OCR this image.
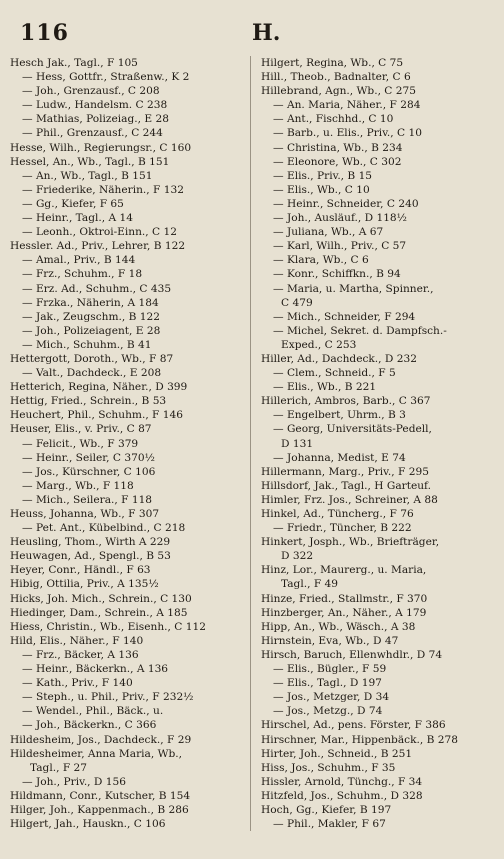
116	H.
Hesch Jak., Tagl., F 105
— Hess, Gottfr., Straßenw., K 2
— Joh., Grenzausf., C 208
— Ludw., Handelsm. C 238
— Mathias, Polizeiag., E 28
— Phil., Grenzausf., C 244
Hesse, Wilh., Regierungsr., C 160
Hessel, An., Wb., Tagl., B 151
— An., Wb., Tagl., B 151
— Friederike, Näherin., F 132
— Gg., Kiefer, F 65
— Heinr., Tagl., A 14
— Leonh., Oktroi-Einn., C 12
Hessler. Ad., Priv., Lehrer, B 122
— Amal., Priv., B 144
— Frz., Schuhm., F 18
— Erz. Ad., Schuhm., C 435
— Frzka., Näherin, A 184
— Jak., Zeugschm., B 122
— Joh., Polizeiagent, E 28
— Mich., Schuhm., B 41
Hettergott, Doroth., Wb., F 87
— Valt., Dachdeck., E 208
Hetterich, Regina, Näher., D 399
Hettig, Fried., Schrein., B 53
Heuchert, Phil., Schuhm., F 146
Heuser, Elis., v. Priv., C 87
— Felicit., Wb., F 379
— Heinr., Seiler, C 370½
— Jos., Kürschner, C 106
— Marg., Wb., F 118
— Mich., Seilera., F 118
Heuss, Johanna, Wb., F 307
— Pet. Ant., Kübelbind., C 218
Heusling, Thom., Wirth A 229
Heuwagen, Ad., Spengl., B 53
Heyer, Conr., Händl., F 63
Hibig, Ottilia, Priv., A 135½
Hicks, Joh. Mich., Schrein., C 130
Hiedinger, Dam., Schrein., A 185
Hiess, Christin., Wb., Eisenh., C 112
Hild, Elis., Näher., F 140
— Frz., Bäcker, A 136
— Heinr., Bäckerkn., A 136
— Kath., Priv., F 140
— Steph., u. Phil., Priv., F 232½
— Wendel., Phil., Bäck., u.
— Joh., Bäckerkn., C 366
Hildesheim, Jos., Dachdeck., F 29
Hildesheimer, Anna Maria, Wb.,
Tagl., F 27
— Joh., Priv., D 156
Hildmann, Conr., Kutscher, B 154
Hilger, Joh., Kappenmach., B 286
Hilgert, Jah., Hauskn., C 106
Hilgert, Regina, Wb., C 75
Hill., Theob., Badnalter, C 6
Hillebrand, Agn., Wb., C 275
— An. Maria, Näher., F 284
— Ant., Fischhd., C 10
— Barb., u. Elis., Priv., C 10
— Christina, Wb., B 234
— Eleonore, Wb., C 302
— Elis., Priv., B 15
— Elis., Wb., C 10
— Heinr., Schneider, C 240
— Joh., Ausläuf., D 118½
— Juliana, Wb., A 67
— Karl, Wilh., Priv., C 57
— Klara, Wb., C 6
— Konr., Schiffkn., B 94
— Maria, u. Martha, Spinner.,
C 479
— Mich., Schneider, F 294
— Michel, Sekret. d. Dampfsch.-
Exped., C 253
Hiller, Ad., Dachdeck., D 232
— Clem., Schneid., F 5
— Elis., Wb., B 221
Hillerich, Ambros, Barb., C 367
— Engelbert, Uhrm., B 3
— Georg, Universitäts-Pedell,
D 131
— Johanna, Medist, E 74
Hillermann, Marg., Priv., F 295
Hillsdorf, Jak., Tagl., H Garteuf.
Himler, Frz. Jos., Schreiner, A 88
Hinkel, Ad., Tüncherg., F 76
— Friedr., Tüncher, B 222
Hinkert, Josph., Wb., Briefträger,
D 322
Hinz, Lor., Maurerg., u. Maria,
Tagl., F 49
Hinze, Fried., Stallmstr., F 370
Hinzberger, An., Näher., A 179
Hipp, An., Wb., Wäsch., A 38
Hirnstein, Eva, Wb., D 47
Hirsch, Baruch, Ellenwhdlr., D 74
— Elis., Bügler., F 59
— Elis., Tagl., D 197
— Jos., Metzger, D 34
— Jos., Metzg., D 74
Hirschel, Ad., pens. Förster, F 386
Hirschner, Mar., Hippenbäck., B 278
Hirter, Joh., Schneid., B 251
Hiss, Jos., Schuhm., F 35
Hissler, Arnold, Tünchg., F 34
Hitzfeld, Jos., Schuhm., D 328
Hoch, Gg., Kiefer, B 197
— Phil., Makler, F 67
